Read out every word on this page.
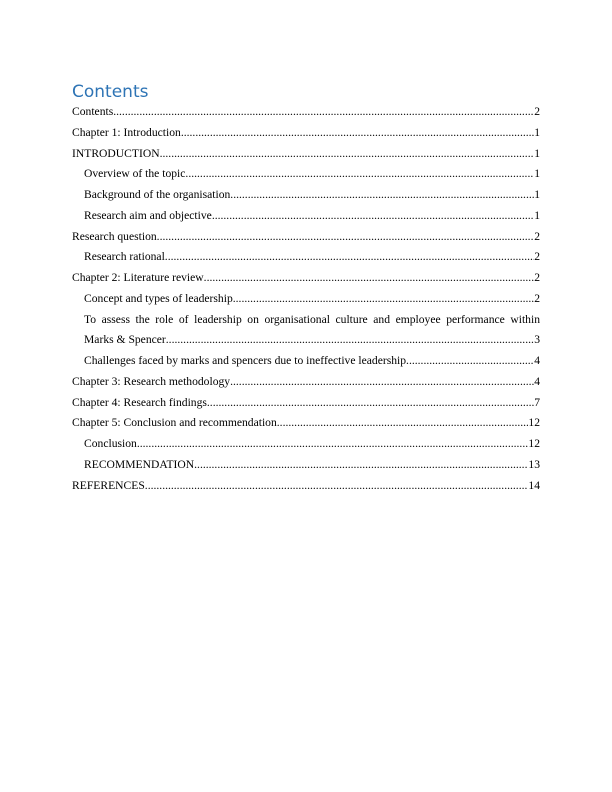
Contents
Contents .....	2
Chapter 1: Introduction .....	1
INTRODUCTION .....	1
Overview of the topic .....	1
Background of the organisation .....	1
Research aim and objective .....	1
Research question .....	2
Research rational .....	2
Chapter 2: Literature review .....	2
Concept and types of leadership .....	2
To assess the role of leadership on organisational culture and employee performance within
Marks & Spencer .....	3
Challenges faced by marks and spencers due to ineffective leadership .....	4
Chapter 3: Research methodology .....	4
Chapter 4: Research findings .....	7
Chapter 5: Conclusion and recommendation .....	12
Conclusion .....	12
RECOMMENDATION .....	13
REFERENCES .....	14
